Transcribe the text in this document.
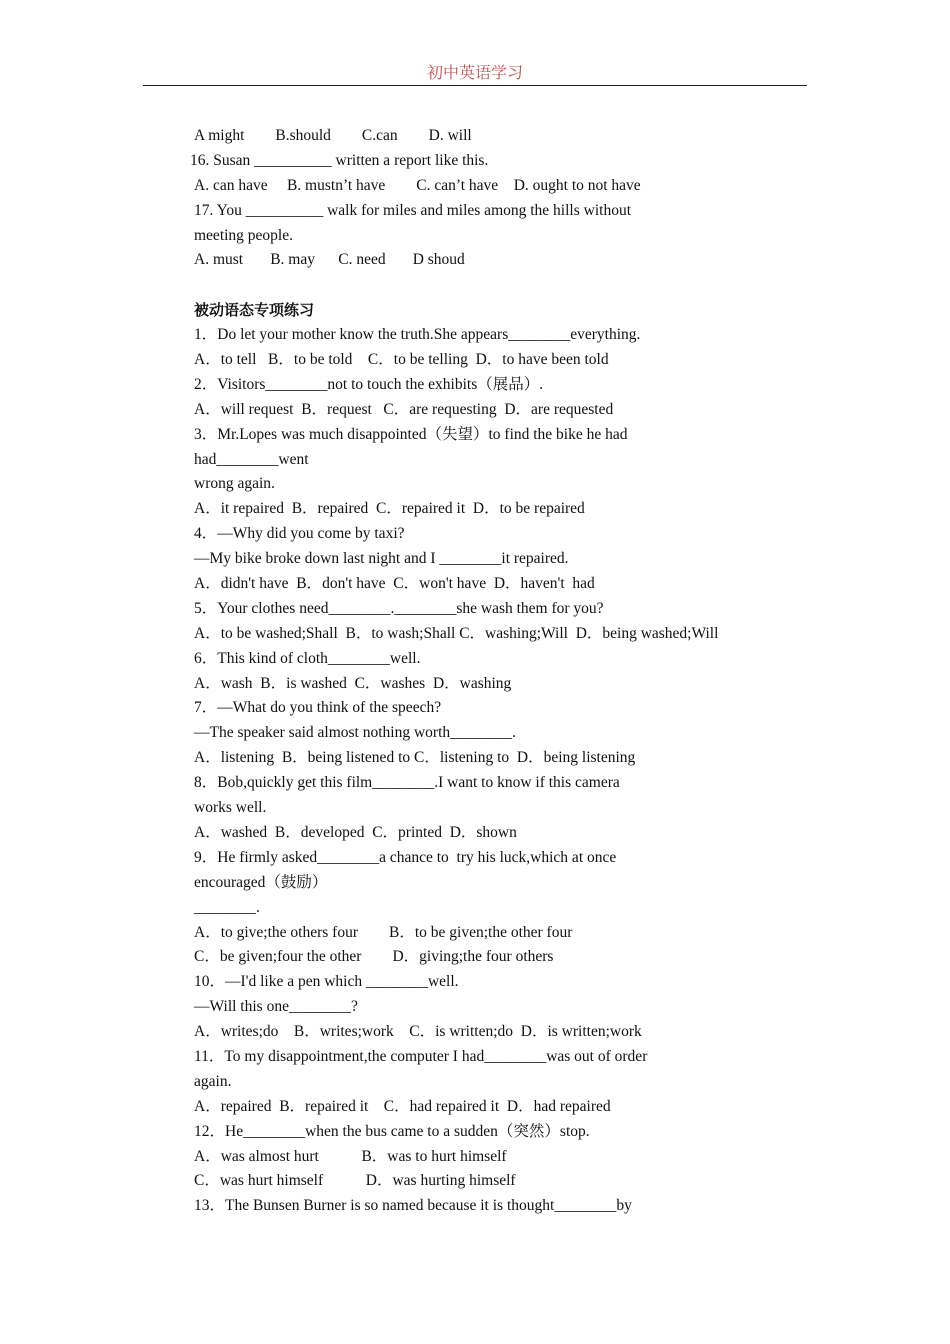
初中英语学习
A might        B.should        C.can        D. will
16. Susan __________ written a report like this.
A. can have     B. mustn’t have        C. can’t have    D. ought to not have
17. You __________ walk for miles and miles among the hills without
meeting people.
A. must       B. may      C. need       D shoud
被动语态专项练习
1．Do let your mother know the truth.She appears________everything.
A．to tell   B．to be told    C．to be telling  D．to have been told
2．Visitors________not to touch the exhibits（展品）.
A．will request  B．request   C．are requesting  D．are requested
3．Mr.Lopes was much disappointed（失望）to find the bike he had
had________went
wrong again.
A．it repaired  B．repaired  C．repaired it  D．to be repaired
4．—Why did you come by taxi?
—My bike broke down last night and I ________it repaired.
A．didn't have  B．don't have  C．won't have  D．haven't  had
5．Your clothes need________.________she wash them for you?
A．to be washed;Shall  B．to wash;Shall C．washing;Will  D．being washed;Will
6．This kind of cloth________well.
A．wash  B．is washed  C．washes  D．washing
7．—What do you think of the speech?
—The speaker said almost nothing worth________.
A．listening  B．being listened to C．listening to  D．being listening
8．Bob,quickly get this film________.I want to know if this camera
works well.
A．washed  B．developed  C．printed  D．shown
9．He firmly asked________a chance to  try his luck,which at once
encouraged（鼓励）
________.
A．to give;the others four        B．to be given;the other four
C．be given;four the other        D．giving;the four others
10．—I'd like a pen which ________well.
—Will this one________?
A．writes;do    B．writes;work    C．is written;do  D．is written;work
11．To my disappointment,the computer I had________was out of order
again.
A．repaired  B．repaired it    C．had repaired it  D．had repaired
12．He________when the bus came to a sudden（突然）stop.
A．was almost hurt           B．was to hurt himself
C．was hurt himself           D．was hurting himself
13．The Bunsen Burner is so named because it is thought________by
